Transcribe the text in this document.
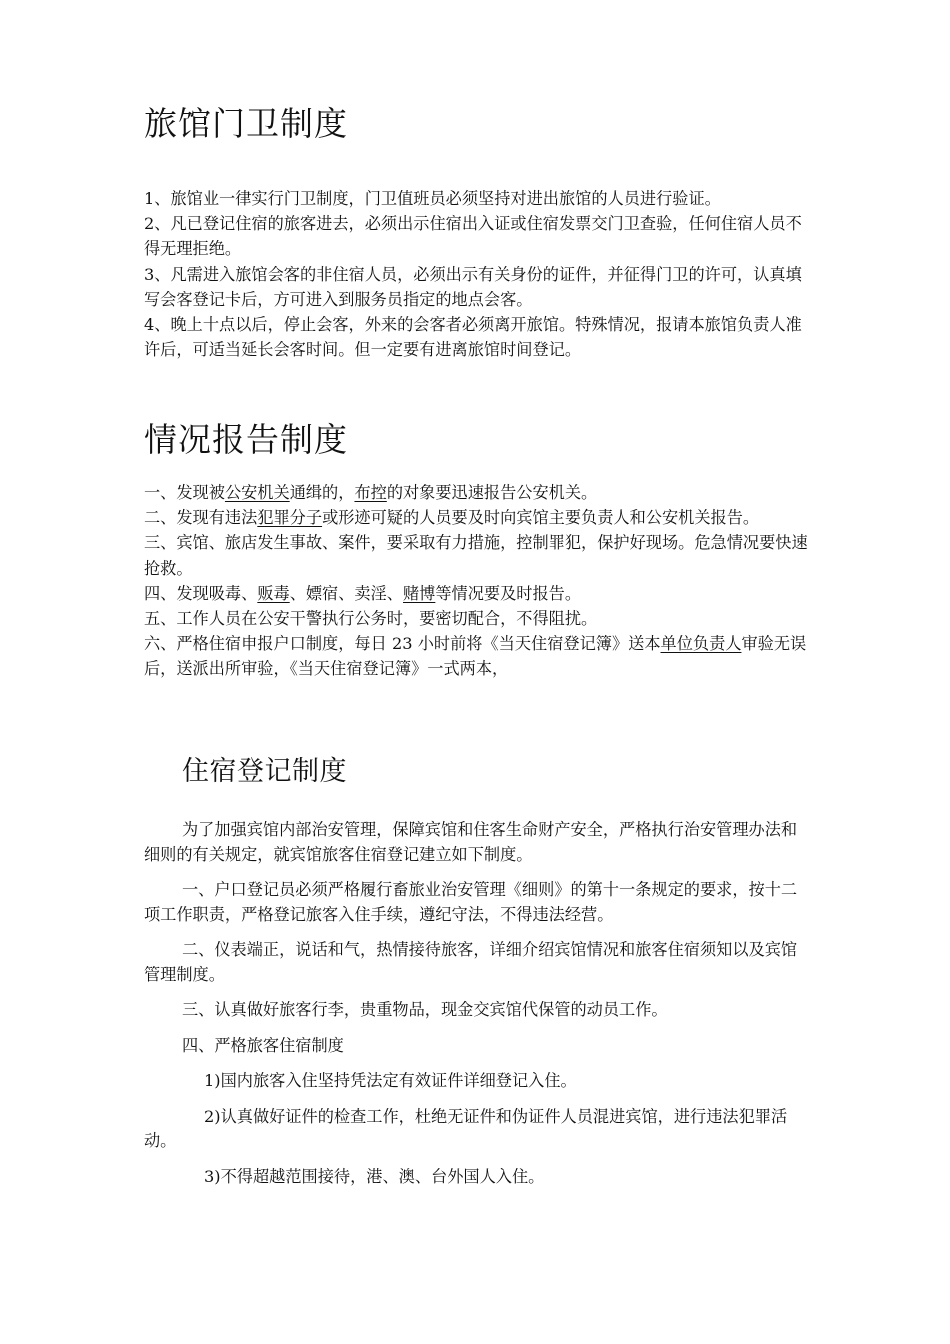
旅馆门卫制度

1、旅馆业一律实行门卫制度，门卫值班员必须坚持对进出旅馆的人员进行验证。

2、凡已登记住宿的旅客进去，必须出示住宿出入证或住宿发票交门卫查验，任何住宿人员不得无理拒绝。

3、凡需进入旅馆会客的非住宿人员，必须出示有关身份的证件，并征得门卫的许可，认真填写会客登记卡后，方可进入到服务员指定的地点会客。

4、晚上十点以后，停止会客，外来的会客者必须离开旅馆。特殊情况，报请本旅馆负责人准许后，可适当延长会客时间。但一定要有进离旅馆时间登记。

情况报告制度

一、发现被公安机关通缉的，布控的对象要迅速报告公安机关。

二、发现有违法犯罪分子或形迹可疑的人员要及时向宾馆主要负责人和公安机关报告。

三、宾馆、旅店发生事故、案件，要采取有力措施，控制罪犯，保护好现场。危急情况要快速抢救。

四、发现吸毒、贩毒、嫖宿、卖淫、赌博等情况要及时报告。

五、工作人员在公安干警执行公务时，要密切配合，不得阻扰。

六、严格住宿申报户口制度，每日 23 小时前将《当天住宿登记簿》送本单位负责人审验无误后，送派出所审验，《当天住宿登记簿》一式两本，

住宿登记制度

为了加强宾馆内部治安管理，保障宾馆和住客生命财产安全，严格执行治安管理办法和细则的有关规定，就宾馆旅客住宿登记建立如下制度。

一、户口登记员必须严格履行畜旅业治安管理《细则》的第十一条规定的要求，按十二项工作职责，严格登记旅客入住手续，遵纪守法，不得违法经营。

二、仪表端正，说话和气，热情接待旅客，详细介绍宾馆情况和旅客住宿须知以及宾馆管理制度。

三、认真做好旅客行李，贵重物品，现金交宾馆代保管的动员工作。

四、严格旅客住宿制度

1)国内旅客入住坚持凭法定有效证件详细登记入住。

2)认真做好证件的检查工作，杜绝无证件和伪证件人员混进宾馆，进行违法犯罪活动。

3)不得超越范围接待，港、澳、台外国人入住。
